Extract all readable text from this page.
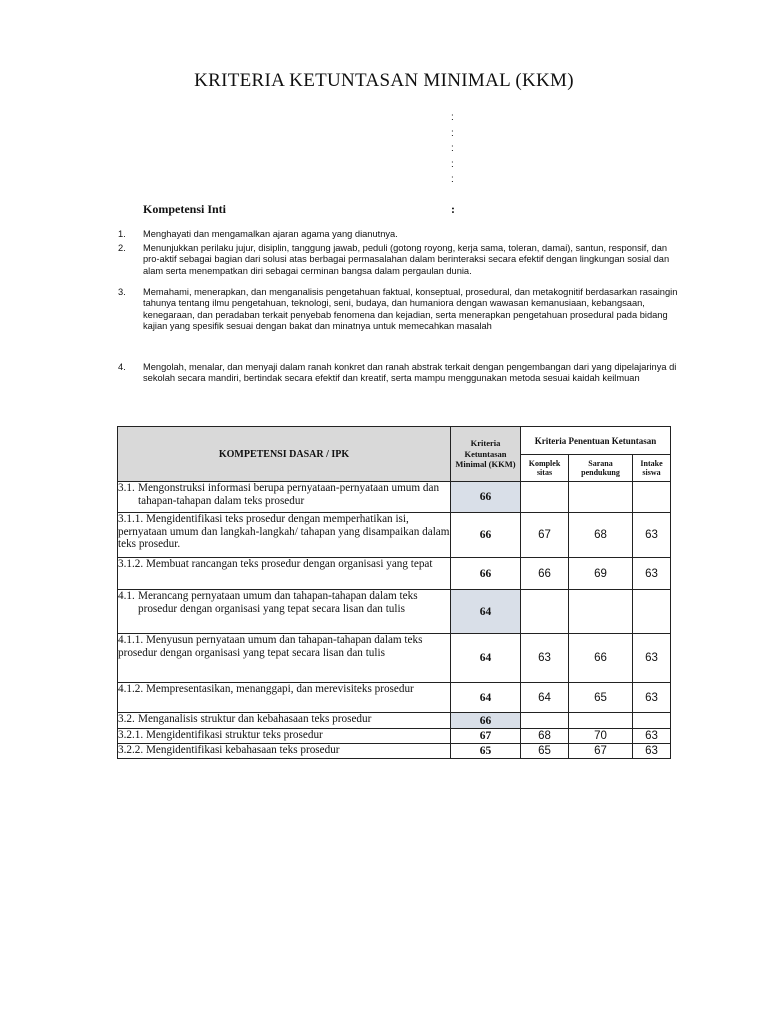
KRITERIA KETUNTASAN MINIMAL (KKM)
:
:
:
:
:
Kompetensi Inti	:
1. Menghayati dan mengamalkan ajaran agama yang dianutnya.
2. Menunjukkan perilaku jujur, disiplin, tanggung jawab, peduli (gotong royong, kerja sama, toleran, damai), santun, responsif, dan pro-aktif sebagai bagian dari solusi atas berbagai permasalahan dalam berinteraksi secara efektif dengan lingkungan sosial dan alam serta menempatkan diri sebagai cerminan bangsa dalam pergaulan dunia.
3. Memahami, menerapkan, dan menganalisis pengetahuan faktual, konseptual, prosedural, dan metakognitif berdasarkan rasaingin tahunya tentang ilmu pengetahuan, teknologi, seni, budaya, dan humaniora dengan wawasan kemanusiaan, kebangsaan, kenegaraan, dan peradaban terkait penyebab fenomena dan kejadian, serta menerapkan pengetahuan prosedural pada bidang kajian yang spesifik sesuai dengan bakat dan minatnya untuk memecahkan masalah
4. Mengolah, menalar, dan menyaji dalam ranah konkret dan ranah abstrak terkait dengan pengembangan dari yang dipelajarinya di sekolah secara mandiri, bertindak secara efektif dan kreatif, serta mampu menggunakan metoda sesuai kaidah keilmuan
KOMPETENSI DASAR / IPK	Kriteria Ketuntasan Minimal (KKM)	Kriteria Penentuan Ketuntasan		
		Komplek sitas	Sarana pendukung	Intake siswa

3.1. Mengonstruksi informasi berupa pernyataan-pernyataan umum dan tahapan-tahapan dalam teks prosedur	66			
3.1.1. Mengidentifikasi teks prosedur dengan memperhatikan isi, pernyataan umum dan langkah-langkah/ tahapan yang disampaikan dalam teks prosedur.	66	67	68	63
3.1.2. Membuat rancangan teks prosedur dengan organisasi yang tepat	66	66	69	63

4.1. Merancang pernyataan umum dan tahapan-tahapan dalam teks prosedur dengan organisasi yang tepat secara lisan dan tulis	64			
4.1.1. Menyusun pernyataan umum dan tahapan-tahapan dalam teks prosedur dengan organisasi yang tepat secara lisan dan tulis	64	63	66	63
4.1.2. Mempresentasikan, menanggapi, dan merevisiteks prosedur	64	64	65	63

3.2. Menganalisis struktur dan kebahasaan teks prosedur	66			
3.2.1. Mengidentifikasi struktur teks prosedur	67	68	70	63
3.2.2. Mengidentifikasi kebahasaan teks prosedur	65	65	67	63
